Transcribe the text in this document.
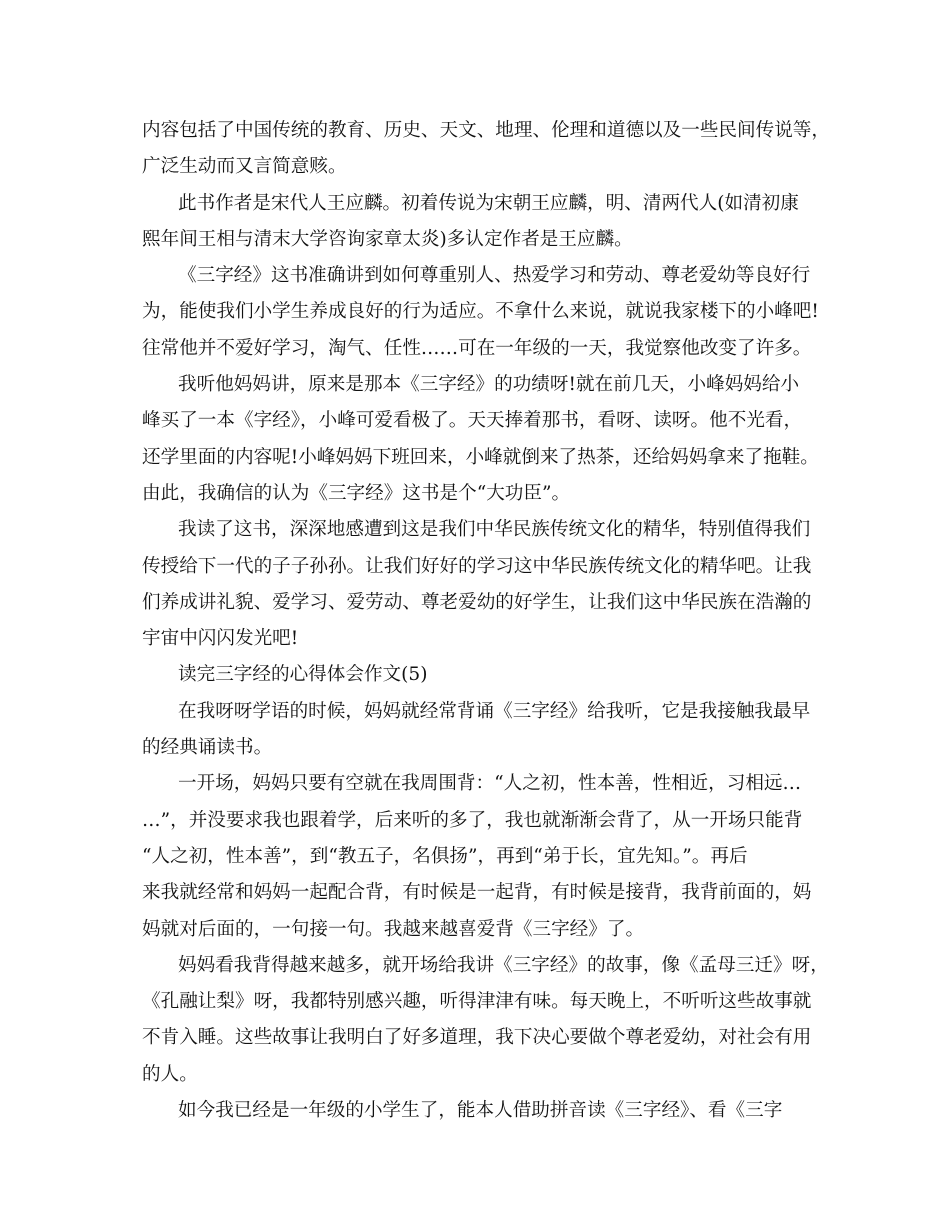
内容包括了中国传统的教育、历史、天文、地理、伦理和道德以及一些民间传说等，
广泛生动而又言简意赅。
此书作者是宋代人王应麟。初着传说为宋朝王应麟，明、清两代人(如清初康
熙年间王相与清末大学咨询家章太炎)多认定作者是王应麟。
《三字经》这书准确讲到如何尊重别人、热爱学习和劳动、尊老爱幼等良好行
为，能使我们小学生养成良好的行为适应。不拿什么来说，就说我家楼下的小峰吧!
往常他并不爱好学习，淘气、任性……可在一年级的一天，我觉察他改变了许多。
我听他妈妈讲，原来是那本《三字经》的功绩呀!就在前几天，小峰妈妈给小
峰买了一本《字经》，小峰可爱看极了。天天捧着那书，看呀、读呀。他不光看，
还学里面的内容呢!小峰妈妈下班回来，小峰就倒来了热茶，还给妈妈拿来了拖鞋。
由此，我确信的认为《三字经》这书是个“大功臣”。
我读了这书，深深地感遭到这是我们中华民族传统文化的精华，特别值得我们
传授给下一代的子子孙孙。让我们好好的学习这中华民族传统文化的精华吧。让我
们养成讲礼貌、爱学习、爱劳动、尊老爱幼的好学生，让我们这中华民族在浩瀚的
宇宙中闪闪发光吧!
读完三字经的心得体会作文(5)
在我呀呀学语的时候，妈妈就经常背诵《三字经》给我听，它是我接触我最早
的经典诵读书。
一开场，妈妈只要有空就在我周围背：“人之初，性本善，性相近，习相远…
…”，并没要求我也跟着学，后来听的多了，我也就渐渐会背了，从一开场只能背
“人之初，性本善”，到“教五子，名俱扬”，再到“弟于长，宜先知。”。再后
来我就经常和妈妈一起配合背，有时候是一起背，有时候是接背，我背前面的，妈
妈就对后面的，一句接一句。我越来越喜爱背《三字经》了。
妈妈看我背得越来越多，就开场给我讲《三字经》的故事，像《孟母三迁》呀，
《孔融让梨》呀，我都特别感兴趣，听得津津有味。每天晚上，不听听这些故事就
不肯入睡。这些故事让我明白了好多道理，我下决心要做个尊老爱幼，对社会有用
的人。
如今我已经是一年级的小学生了，能本人借助拼音读《三字经》、看《三字
